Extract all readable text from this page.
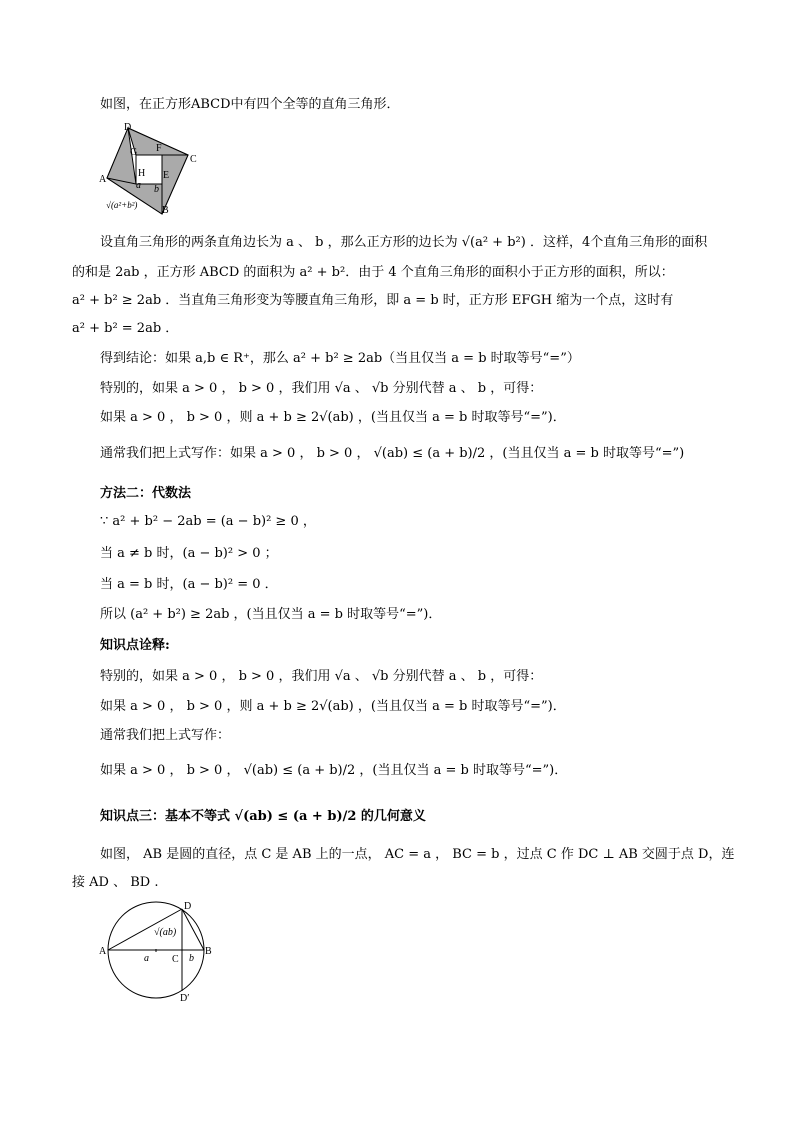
如图，在正方形ABCD中有四个全等的直角三角形．
D
C
A
B
G F
H E
a b
√(a²+b²)
设直角三角形的两条直角边长为 a 、 b ，那么正方形的边长为 √(a² + b²) ．这样，4个直角三角形的面积
的和是 2ab ，正方形 ABCD 的面积为 a² + b²．由于 4 个直角三角形的面积小于正方形的面积，所以：
a² + b² ≥ 2ab ．当直角三角形变为等腰直角三角形，即 a = b 时，正方形 EFGH 缩为一个点，这时有
a² + b² = 2ab ．
得到结论：如果 a,b ∈ R⁺，那么 a² + b² ≥ 2ab（当且仅当 a = b 时取等号“=”）
特别的，如果 a > 0 ， b > 0 ，我们用 √a 、 √b 分别代替 a 、 b ，可得：
如果 a > 0 ， b > 0 ，则 a + b ≥ 2√(ab) ，(当且仅当 a = b 时取等号“=”)．
通常我们把上式写作：如果 a > 0 ， b > 0 ， √(ab) ≤ (a + b)/2 ，(当且仅当 a = b 时取等号“=”)
方法二：代数法
∵ a² + b² − 2ab = (a − b)² ≥ 0 ，
当 a ≠ b 时，(a − b)² > 0 ；
当 a = b 时，(a − b)² = 0 ．
所以 (a² + b²) ≥ 2ab ，(当且仅当 a = b 时取等号“=”)．
知识点诠释:
特别的，如果 a > 0 ， b > 0 ，我们用 √a 、 √b 分别代替 a 、 b ，可得：
如果 a > 0 ， b > 0 ，则 a + b ≥ 2√(ab) ，(当且仅当 a = b 时取等号“=”)．
通常我们把上式写作：
如果 a > 0 ， b > 0 ， √(ab) ≤ (a + b)/2 ，(当且仅当 a = b 时取等号“=”)．
知识点三：基本不等式 √(ab) ≤ (a + b)/2 的几何意义
如图， AB 是圆的直径，点 C 是 AB 上的一点， AC = a ， BC = b ，过点 C 作 DC ⊥ AB 交圆于点 D，连
接 AD 、 BD .
D
A	B
C
a	b
√(ab)
D′
